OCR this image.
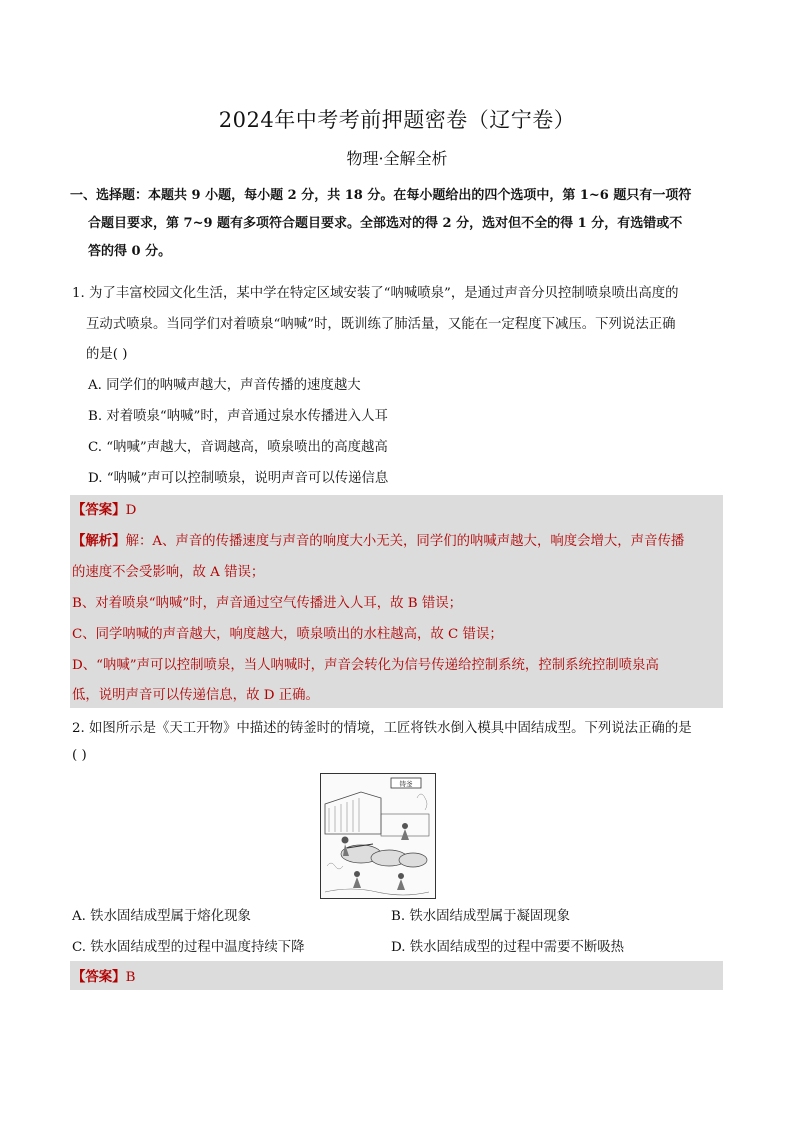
2024年中考考前押题密卷（辽宁卷）
物理·全解全析
一、选择题：本题共 9 小题，每小题 2 分，共 18 分。在每小题给出的四个选项中，第 1~6 题只有一项符
合题目要求，第 7~9 题有多项符合题目要求。全部选对的得 2 分，选对但不全的得 1 分，有选错或不
答的得 0 分。
1. 为了丰富校园文化生活，某中学在特定区域安装了“呐喊喷泉”，是通过声音分贝控制喷泉喷出高度的
互动式喷泉。当同学们对着喷泉“呐喊”时，既训练了肺活量，又能在一定程度下减压。下列说法正确
的是( )
A. 同学们的呐喊声越大，声音传播的速度越大
B. 对着喷泉“呐喊”时，声音通过泉水传播进入人耳
C. “呐喊”声越大，音调越高，喷泉喷出的高度越高
D. “呐喊”声可以控制喷泉，说明声音可以传递信息
【答案】D
【解析】解：A、声音的传播速度与声音的响度大小无关，同学们的呐喊声越大，响度会增大，声音传播
的速度不会受影响，故 A 错误；
B、对着喷泉“呐喊”时，声音通过空气传播进入人耳，故 B 错误；
C、同学呐喊的声音越大，响度越大，喷泉喷出的水柱越高，故 C 错误；
D、“呐喊”声可以控制喷泉，当人呐喊时，声音会转化为信号传递给控制系统，控制系统控制喷泉高
低，说明声音可以传递信息，故 D 正确。
2. 如图所示是《天工开物》中描述的铸釜时的情境，工匠将铁水倒入模具中固结成型。下列说法正确的是
( )
铸釜
A. 铁水固结成型属于熔化现象	B. 铁水固结成型属于凝固现象
C. 铁水固结成型的过程中温度持续下降	D. 铁水固结成型的过程中需要不断吸热
【答案】B
